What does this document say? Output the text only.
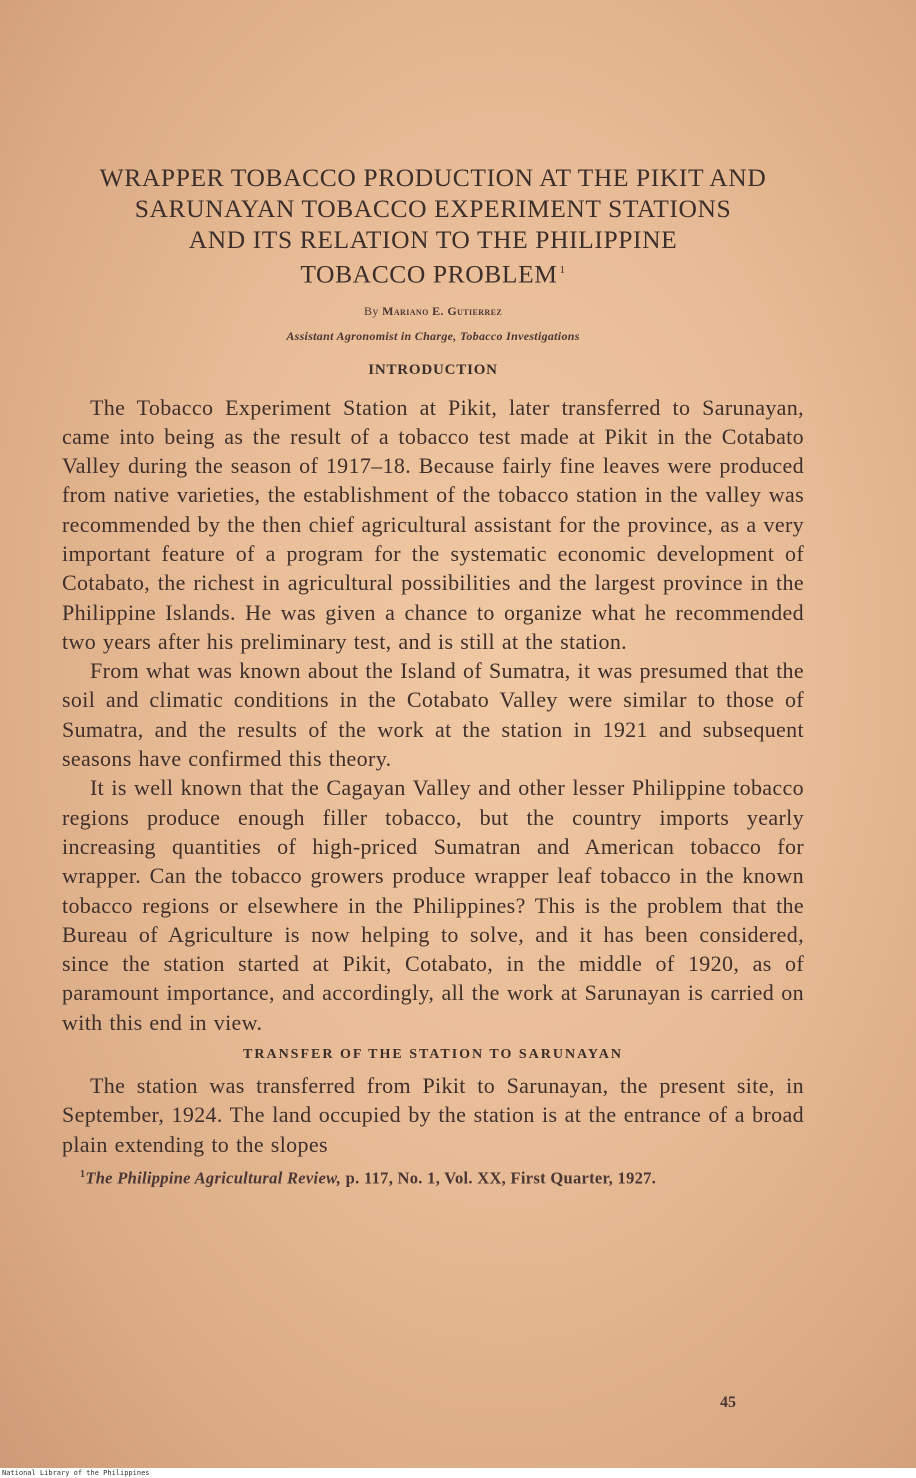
WRAPPER TOBACCO PRODUCTION AT THE PIKIT AND
SARUNAYAN TOBACCO EXPERIMENT STATIONS
AND ITS RELATION TO THE PHILIPPINE
TOBACCO PROBLEM $^1$
By Mariano E. Gutierrez
Assistant Agronomist in Charge, Tobacco Investigations
INTRODUCTION

The Tobacco Experiment Station at Pikit, later transferred to Sarunayan, came into being as the result of a tobacco test made at Pikit in the Cotabato Valley during the season of 1917–18. Because fairly fine leaves were produced from native varieties, the establishment of the tobacco station in the valley was recommended by the then chief agricultural assistant for the province, as a very important feature of a program for the systematic economic development of Cotabato, the richest in agricultural possibilities and the largest province in the Philippine Islands. He was given a chance to organize what he recommended two years after his preliminary test, and is still at the station.

From what was known about the Island of Sumatra, it was presumed that the soil and climatic conditions in the Cotabato Valley were similar to those of Sumatra, and the results of the work at the station in 1921 and subsequent seasons have confirmed this theory.

It is well known that the Cagayan Valley and other lesser Philippine tobacco regions produce enough filler tobacco, but the country imports yearly increasing quantities of high-priced Sumatran and American tobacco for wrapper. Can the tobacco growers produce wrapper leaf tobacco in the known tobacco regions or elsewhere in the Philippines? This is the problem that the Bureau of Agriculture is now helping to solve, and it has been considered, since the station started at Pikit, Cotabato, in the middle of 1920, as of paramount importance, and accordingly, all the work at Sarunayan is carried on with this end in view.

TRANSFER OF THE STATION TO SARUNAYAN

The station was transferred from Pikit to Sarunayan, the present site, in September, 1924. The land occupied by the station is at the entrance of a broad plain extending to the slopes

$^1$The Philippine Agricultural Review, p. 117, No. 1, Vol. XX, First Quarter, 1927.
45
National Library of the Philippines
